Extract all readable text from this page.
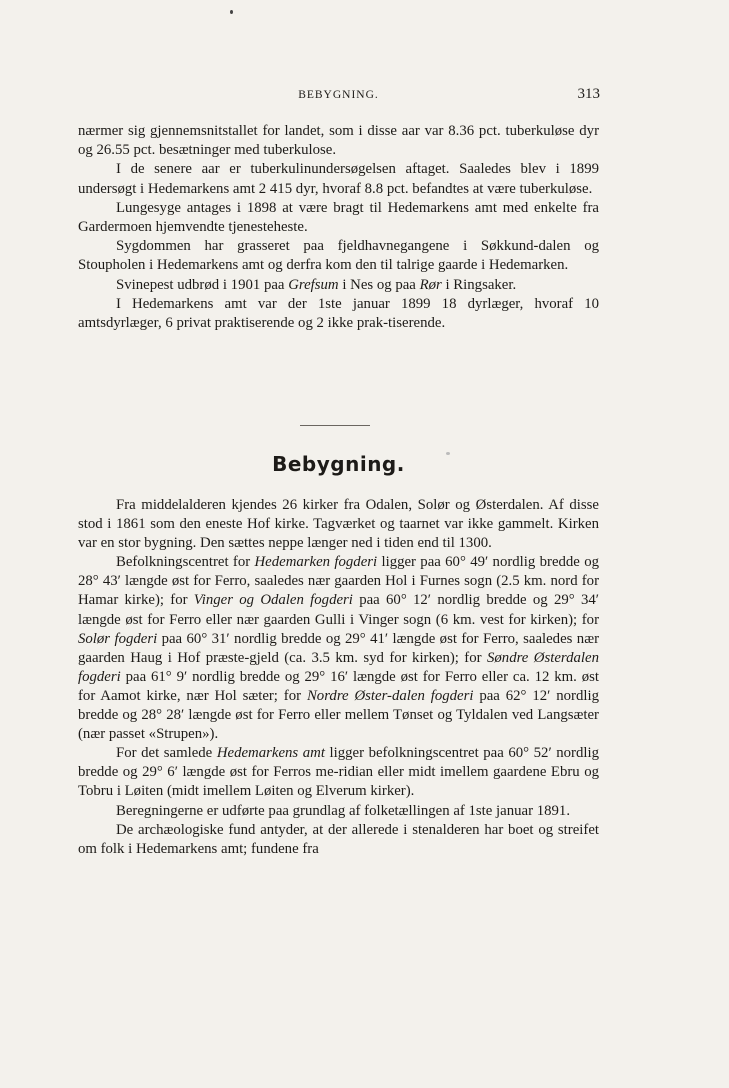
BEBYGNING.	313

nærmer sig gjennemsnitstallet for landet, som i disse aar var 8.36 pct. tuberkuløse dyr og 26.55 pct. besætninger med tuberkulose.

I de senere aar er tuberkulinundersøgelsen aftaget. Saaledes blev i 1899 undersøgt i Hedemarkens amt 2 415 dyr, hvoraf 8.8 pct. befandtes at være tuberkuløse.

Lungesyge antages i 1898 at være bragt til Hedemarkens amt med enkelte fra Gardermoen hjemvendte tjenesteheste.

Sygdommen har grasseret paa fjeldhavnegangene i Søkkund-dalen og Stoupholen i Hedemarkens amt og derfra kom den til talrige gaarde i Hedemarken.

Svinepest udbrød i 1901 paa Grefsum i Nes og paa Rør i Ringsaker.

I Hedemarkens amt var der 1ste januar 1899 18 dyrlæger, hvoraf 10 amtsdyrlæger, 6 privat praktiserende og 2 ikke prak-tiserende.

Bebygning.

Fra middelalderen kjendes 26 kirker fra Odalen, Solør og Østerdalen. Af disse stod i 1861 som den eneste Hof kirke. Tagværket og taarnet var ikke gammelt. Kirken var en stor bygning. Den sættes neppe længer ned i tiden end til 1300.

Befolkningscentret for Hedemarken fogderi ligger paa 60° 49′ nordlig bredde og 28° 43′ længde øst for Ferro, saaledes nær gaarden Hol i Furnes sogn (2.5 km. nord for Hamar kirke); for Vinger og Odalen fogderi paa 60° 12′ nordlig bredde og 29° 34′ længde øst for Ferro eller nær gaarden Gulli i Vinger sogn (6 km. vest for kirken); for Solør fogderi paa 60° 31′ nordlig bredde og 29° 41′ længde øst for Ferro, saaledes nær gaarden Haug i Hof præste-gjeld (ca. 3.5 km. syd for kirken); for Søndre Østerdalen fogderi paa 61° 9′ nordlig bredde og 29° 16′ længde øst for Ferro eller ca. 12 km. øst for Aamot kirke, nær Hol sæter; for Nordre Øster-dalen fogderi paa 62° 12′ nordlig bredde og 28° 28′ længde øst for Ferro eller mellem Tønset og Tyldalen ved Langsæter (nær passet «Strupen»).

For det samlede Hedemarkens amt ligger befolkningscentret paa 60° 52′ nordlig bredde og 29° 6′ længde øst for Ferros me-ridian eller midt imellem gaardene Ebru og Tobru i Løiten (midt imellem Løiten og Elverum kirker).

Beregningerne er udførte paa grundlag af folketællingen af 1ste januar 1891.

De archæologiske fund antyder, at der allerede i stenalderen har boet og streifet om folk i Hedemarkens amt; fundene fra
